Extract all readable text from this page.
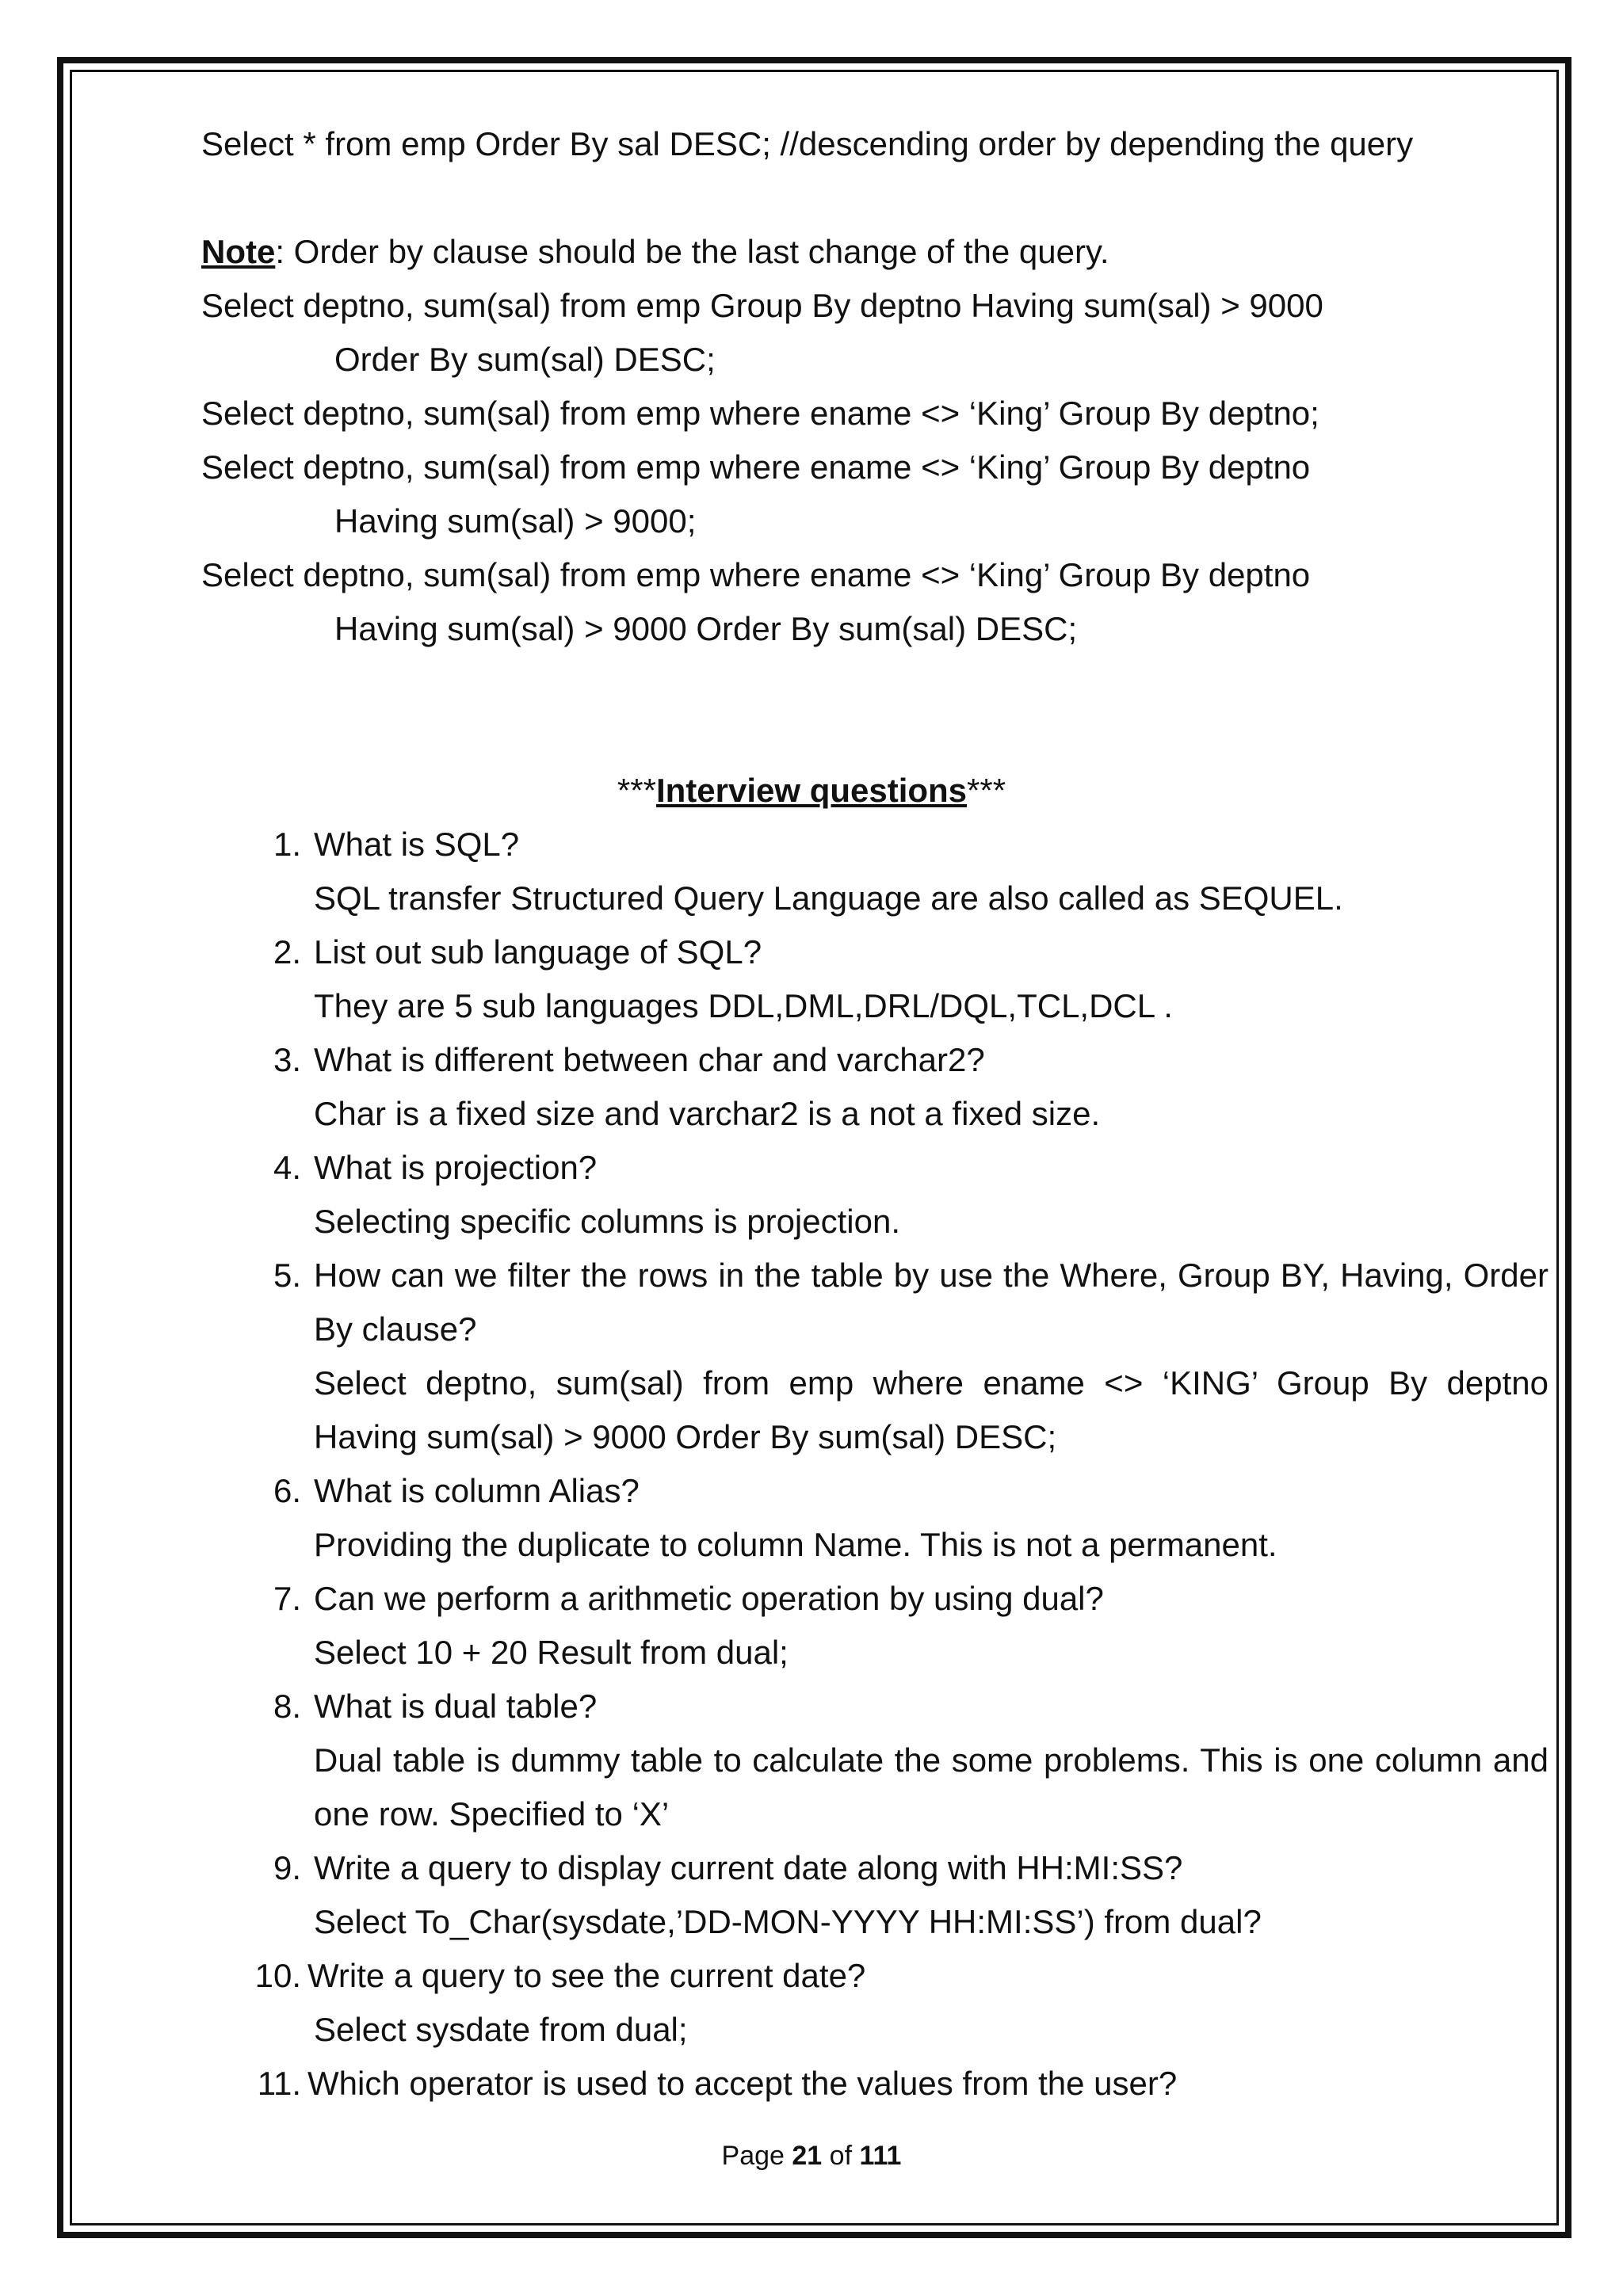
Select * from emp Order By sal DESC; //descending order by depending the query
Note: Order by clause should be the last change of the query.
Select deptno, sum(sal) from emp Group By deptno Having sum(sal) > 9000
Order By sum(sal) DESC;
Select deptno, sum(sal) from emp where ename <> ‘King’ Group By deptno;
Select deptno, sum(sal) from emp where ename <> ‘King’ Group By deptno
Having sum(sal) > 9000;
Select deptno, sum(sal) from emp where ename <> ‘King’ Group By deptno
Having sum(sal) > 9000 Order By sum(sal) DESC;
***Interview questions***
1. What is SQL?
SQL transfer Structured Query Language are also called as SEQUEL.
2. List out sub language of SQL?
They are 5 sub languages DDL,DML,DRL/DQL,TCL,DCL .
3. What is different between char and varchar2?
Char is a fixed size and varchar2 is a not a fixed size.
4. What is projection?
Selecting specific columns is projection.
5. How can we filter the rows in the table by use the Where, Group BY, Having, Order By clause?
Select deptno, sum(sal) from emp where ename <> ‘KING’ Group By deptno Having sum(sal) > 9000 Order By sum(sal) DESC;
6. What is column Alias?
Providing the duplicate to column Name. This is not a permanent.
7. Can we perform a arithmetic operation by using dual?
Select 10 + 20 Result from dual;
8. What is dual table?
Dual table is dummy table to calculate the some problems. This is one column and one row. Specified to ‘X’
9. Write a query to display current date along with HH:MI:SS?
Select To_Char(sysdate,’DD-MON-YYYY HH:MI:SS’) from dual?
10. Write a query to see the current date?
Select sysdate from dual;
11. Which operator is used to accept the values from the user?
Page 21 of 111
